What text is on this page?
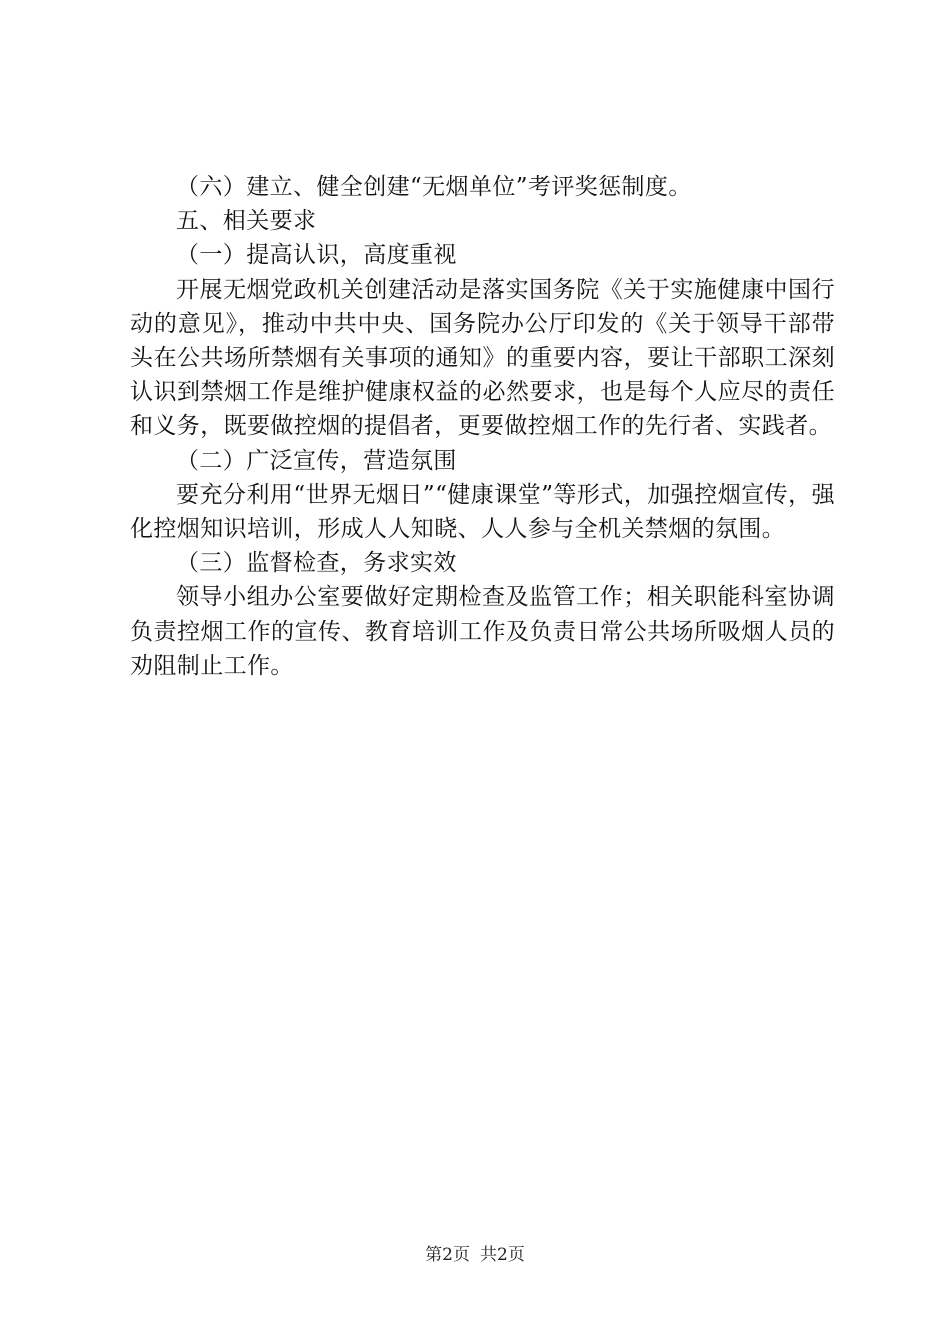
（六）建立、健全创建“无烟单位”考评奖惩制度。

五、相关要求

（一）提高认识，高度重视

开展无烟党政机关创建活动是落实国务院《关于实施健康中国行动的意见》，推动中共中央、国务院办公厅印发的《关于领导干部带头在公共场所禁烟有关事项的通知》的重要内容，要让干部职工深刻认识到禁烟工作是维护健康权益的必然要求，也是每个人应尽的责任和义务，既要做控烟的提倡者，更要做控烟工作的先行者、实践者。

（二）广泛宣传，营造氛围

要充分利用“世界无烟日”“健康课堂”等形式，加强控烟宣传，强化控烟知识培训，形成人人知晓、人人参与全机关禁烟的氛围。

（三）监督检查，务求实效

领导小组办公室要做好定期检查及监管工作；相关职能科室协调负责控烟工作的宣传、教育培训工作及负责日常公共场所吸烟人员的劝阻制止工作。

第2页 共2页
